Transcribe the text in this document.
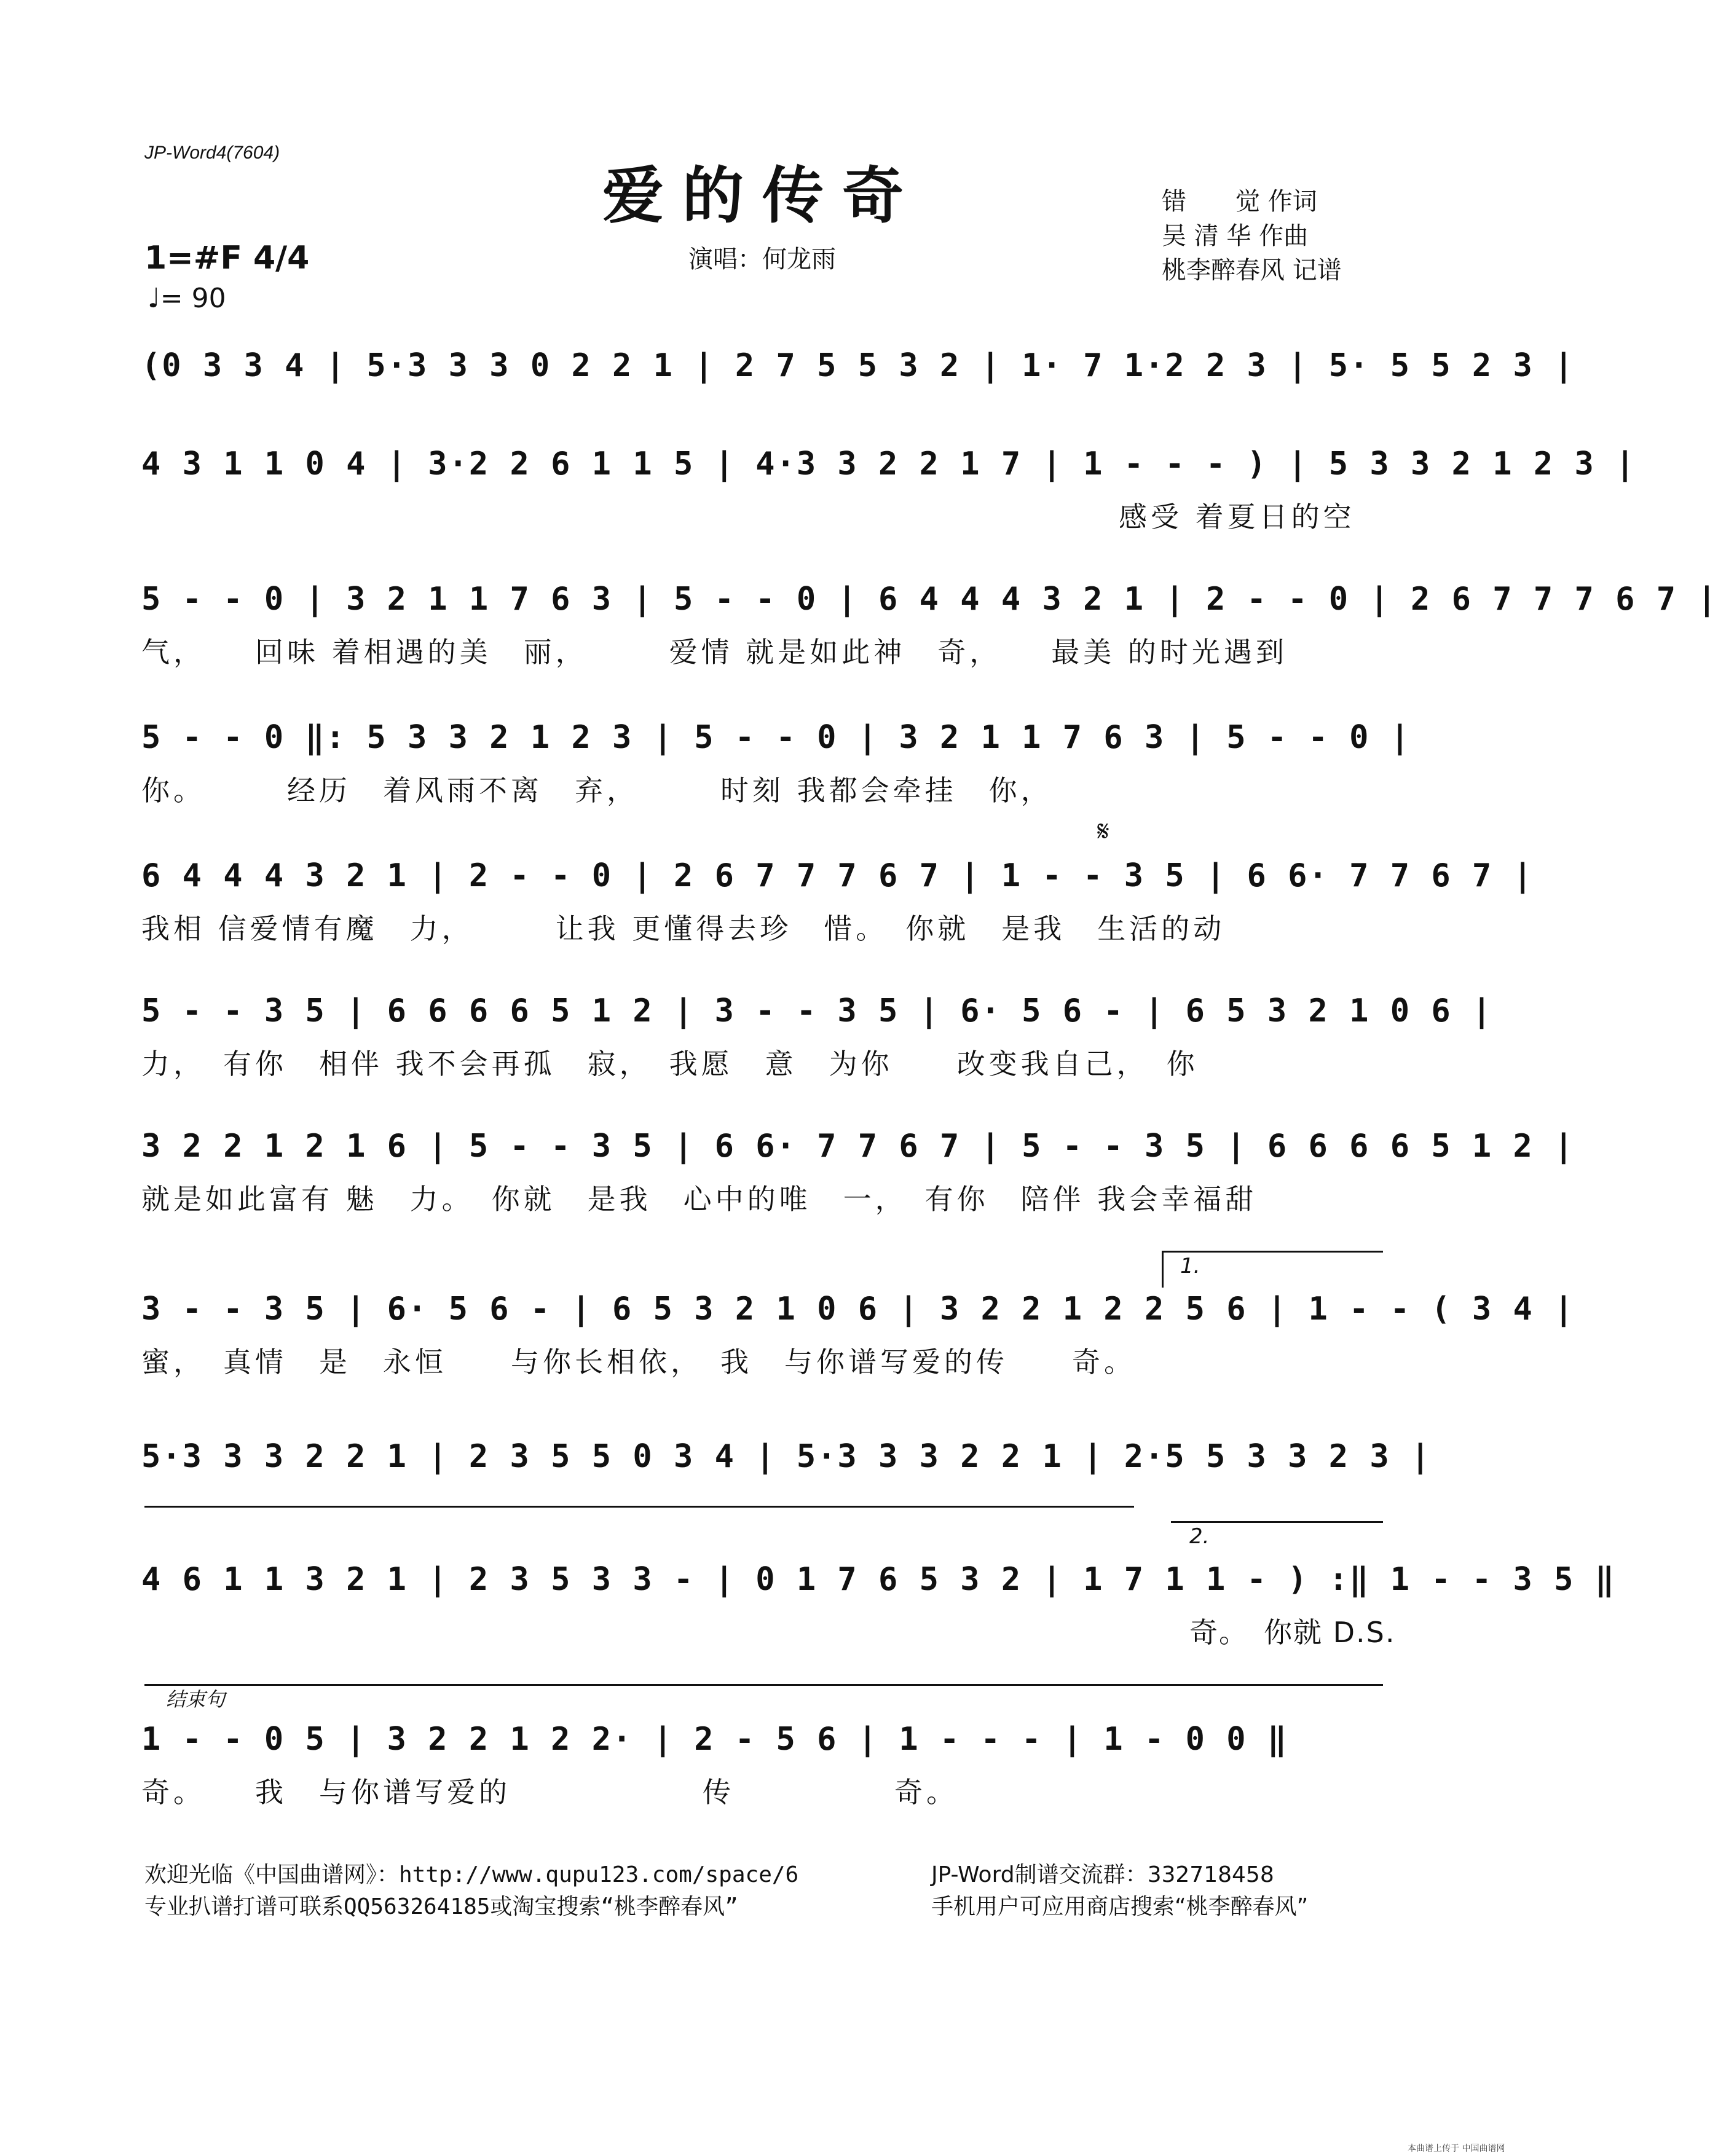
JP-Word4(7604)
爱的传奇
演唱：何龙雨
错　　觉 作词
吴 清 华 作曲
桃李醉春风 记谱
1=#F 4/4
♩= 90
(0 3 3 4 | 5·3 3 3 0 2 2 1 | 2 7 5 5 3 2 | 1· 7 1·2 2 3 | 5· 5 5 2 3 |
4 3 1 1 0 4 | 3·2 2 6 1 1 5 | 4·3 3 2 2 1 7 | 1 - - - ) | 5 3 3 2 1 2 3 |
感受 着夏日的空
5 - - 0 | 3 2 1 1 7 6 3 | 5 - - 0 | 6 4 4 4 3 2 1 | 2 - - 0 | 2 6 7 7 7 6 7 |
气，　　回味 着相遇的美　丽，　　　爱情 就是如此神　奇，　　最美 的时光遇到
5 - - 0 ‖: 5 3 3 2 1 2 3 | 5 - - 0 | 3 2 1 1 7 6 3 | 5 - - 0 |
你。　　　经历　着风雨不离　弃，　　　时刻 我都会牵挂　你，
6 4 4 4 3 2 1 | 2 - - 0 | 2 6 7 7 7 6 7 | 1 - - 3 5 | 6 6· 7 7 6 7 |
我相 信爱情有魔　力，　　　让我 更懂得去珍　惜。　你就　是我　生活的动
5 - - 3 5 | 6 6 6 6 5 1 2 | 3 - - 3 5 | 6· 5 6 - | 6 5 3 2 1 0 6 |
力，　有你　相伴 我不会再孤　寂，　我愿　意　为你　　改变我自己，　你
3 2 2 1 2 1 6 | 5 - - 3 5 | 6 6· 7 7 6 7 | 5 - - 3 5 | 6 6 6 6 5 1 2 |
就是如此富有 魅　力。　你就　是我　心中的唯　一，　有你　陪伴 我会幸福甜
1.
3 - - 3 5 | 6· 5 6 - | 6 5 3 2 1 0 6 | 3 2 2 1 2 2 5 6 | 1 - - ( 3 4 |
蜜，　真情　是　永恒　　与你长相依，　我　与你谱写爱的传　　奇。
5·3 3 3 2 2 1 | 2 3 5 5 0 3 4 | 5·3 3 3 2 2 1 | 2·5 5 3 3 2 3 |
2.
𝄋
4 6 1 1 3 2 1 | 2 3 5 3 3 - | 0 1 7 6 5 3 2 | 1 7 1 1 - ) :‖ 1 - - 3 5 ‖
奇。　你就 D.S.
结束句
1 - - 0 5 | 3 2 2 1 2 2· | 2 - 5 6 | 1 - - - | 1 - 0 0 ‖
奇。　　我　与你谱写爱的　　　　　　传　　　　　奇。
欢迎光临《中国曲谱网》：http://www.qupu123.com/space/6
专业扒谱打谱可联系QQ563264185或淘宝搜索“桃李醉春风”
JP-Word制谱交流群：332718458
手机用户可应用商店搜索“桃李醉春风”
本曲谱上传于 中国曲谱网
